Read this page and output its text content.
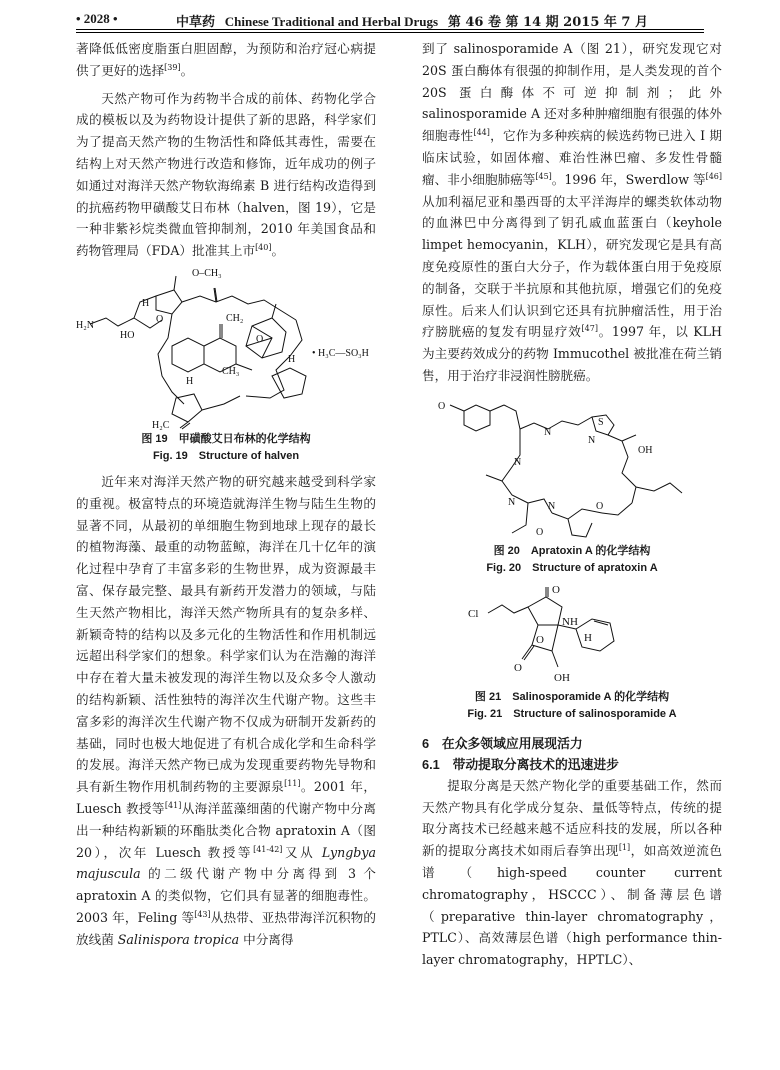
• 2028 •	中草药 Chinese Traditional and Herbal Drugs 第 46 卷 第 14 期 2015 年 7 月

著降低低密度脂蛋白胆固醇，为预防和治疗冠心病提供了更好的选择[39]。

天然产物可作为药物半合成的前体、药物化学合成的模板以及为药物设计提供了新的思路，科学家们为了提高天然产物的生物活性和降低其毒性，需要在结构上对天然产物进行改造和修饰，近年成功的例子如通过对海洋天然产物软海绵素 B 进行结构改造得到的抗癌药物甲磺酸艾日布林（halven，图 19），它是一种非紫衫烷类微血管抑制剂，2010 年美国食品和药物管理局（FDA）批准其上市[40]。

O–CH₃
H₂N
HO
O
H
H
CH₂
CH₃
H₂C
O
H
• H₃C—SO₃H
图 19　甲磺酸艾日布林的化学结构
Fig. 19　Structure of halven

近年来对海洋天然产物的研究越来越受到科学家的重视。极富特点的环境造就海洋生物与陆生生物的显著不同，从最初的单细胞生物到地球上现存的最长的植物海藻、最重的动物蓝鲸，海洋在几十亿年的演化过程中孕育了丰富多彩的生物世界，成为资源最丰富、保存最完整、最具有新药开发潜力的领域，与陆生天然产物相比，海洋天然产物所具有的复杂多样、新颖奇特的结构以及多元化的生物活性和作用机制远远超出科学家们的想象。科学家们认为在浩瀚的海洋中存在着大量未被发现的海洋生物以及众多令人激动的结构新颖、活性独特的海洋次生代谢产物。这些丰富多彩的海洋次生代谢产物不仅成为研制开发新药的基础，同时也极大地促进了有机合成化学和生命科学的发展。海洋天然产物已成为发现重要药物先导物和具有新生物作用机制药物的主要源泉[11]。2001 年，Luesch 教授等[41]从海洋蓝藻细菌的代谢产物中分离出一种结构新颖的环酯肽类化合物 apratoxin A（图 20），次年 Luesch 教授等[41-42]又从 Lyngbya majuscula 的二级代谢产物中分离得到 3 个 apratoxin A 的类似物，它们具有显著的细胞毒性。2003 年，Feling 等[43]从热带、亚热带海洋沉积物的放线菌 Salinispora tropica 中分离得

到了 salinosporamide A（图 21），研究发现它对 20S 蛋白酶体有很强的抑制作用，是人类发现的首个 20S 蛋白酶体不可逆抑制剂；此外 salinosporamide A 还对多种肿瘤细胞有很强的体外细胞毒性[44]，它作为多种疾病的候选药物已进入 I 期临床试验，如固体瘤、难治性淋巴瘤、多发性骨髓瘤、非小细胞肺癌等[45]。1996 年，Swerdlow 等[46]从加利福尼亚和墨西哥的太平洋海岸的螺类软体动物的血淋巴中分离得到了钥孔戚血蓝蛋白（keyhole limpet hemocyanin，KLH），研究发现它是具有高度免疫原性的蛋白大分子，作为载体蛋白用于免疫原的制备，交联于半抗原和其他抗原，增强它们的免疫原性。后来人们认识到它还具有抗肿瘤活性，用于治疗膀胱癌的复发有明显疗效[47]。1997 年，以 KLH 为主要药效成分的药物 Immucothel 被批准在荷兰销售，用于治疗非浸润性膀胱癌。

O
N
S
N
OH
N
N	N	O
O
图 20　Apratoxin A 的化学结构
Fig. 20　Structure of apratoxin A
Cl
O
NH
O
O	H
OH
图 21　Salinosporamide A 的化学结构
Fig. 21　Structure of salinosporamide A
6　在众多领域应用展现活力
6.1　带动提取分离技术的迅速进步

提取分离是天然产物化学的重要基础工作，然而天然产物具有化学成分复杂、量低等特点，传统的提取分离技术已经越来越不适应科技的发展，所以各种新的提取分离技术如雨后春笋出现[1]，如高效逆流色谱（high-speed counter current chromatography，HSCCC）、制备薄层色谱（preparative thin-layer chromatography，PTLC）、高效薄层色谱（high performance thin-layer chromatography，HPTLC）、
